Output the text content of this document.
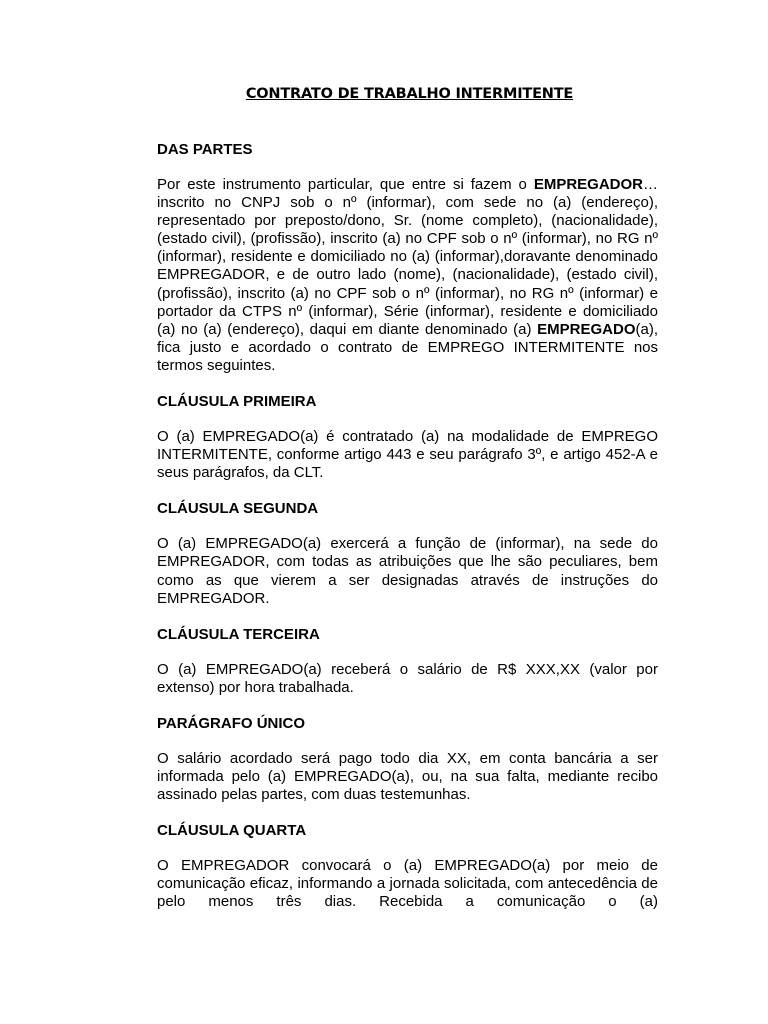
CONTRATO DE TRABALHO INTERMITENTE
DAS PARTES
Por este instrumento particular, que entre si fazem o EMPREGADOR… inscrito no CNPJ sob o nº (informar), com sede no (a) (endereço), representado por preposto/dono, Sr. (nome completo), (nacionalidade), (estado civil), (profissão), inscrito (a) no CPF sob o nº (informar), no RG nº (informar), residente e domiciliado no (a) (informar),doravante denominado EMPREGADOR, e de outro lado (nome), (nacionalidade), (estado civil), (profissão), inscrito (a) no CPF sob o nº (informar), no RG nº (informar) e portador da CTPS nº (informar), Série (informar), residente e domiciliado (a) no (a) (endereço), daqui em diante denominado (a) EMPREGADO(a), fica justo e acordado o contrato de EMPREGO INTERMITENTE nos termos seguintes.
CLÁUSULA PRIMEIRA
O (a) EMPREGADO(a) é contratado (a) na modalidade de EMPREGO INTERMITENTE, conforme artigo 443 e seu parágrafo 3º, e artigo 452-A e seus parágrafos, da CLT.
CLÁUSULA SEGUNDA
O (a) EMPREGADO(a) exercerá a função de (informar), na sede do EMPREGADOR, com todas as atribuições que lhe são peculiares, bem como as que vierem a ser designadas através de instruções do EMPREGADOR.
CLÁUSULA TERCEIRA
O (a) EMPREGADO(a) receberá o salário de R$ XXX,XX (valor por extenso) por hora trabalhada.
PARÁGRAFO ÚNICO
O salário acordado será pago todo dia XX, em conta bancária a ser informada pelo (a) EMPREGADO(a), ou, na sua falta, mediante recibo assinado pelas partes, com duas testemunhas.
CLÁUSULA QUARTA
O EMPREGADOR convocará o (a) EMPREGADO(a) por meio de comunicação eficaz, informando a jornada solicitada, com antecedência de pelo menos três dias. Recebida a comunicação o (a)
